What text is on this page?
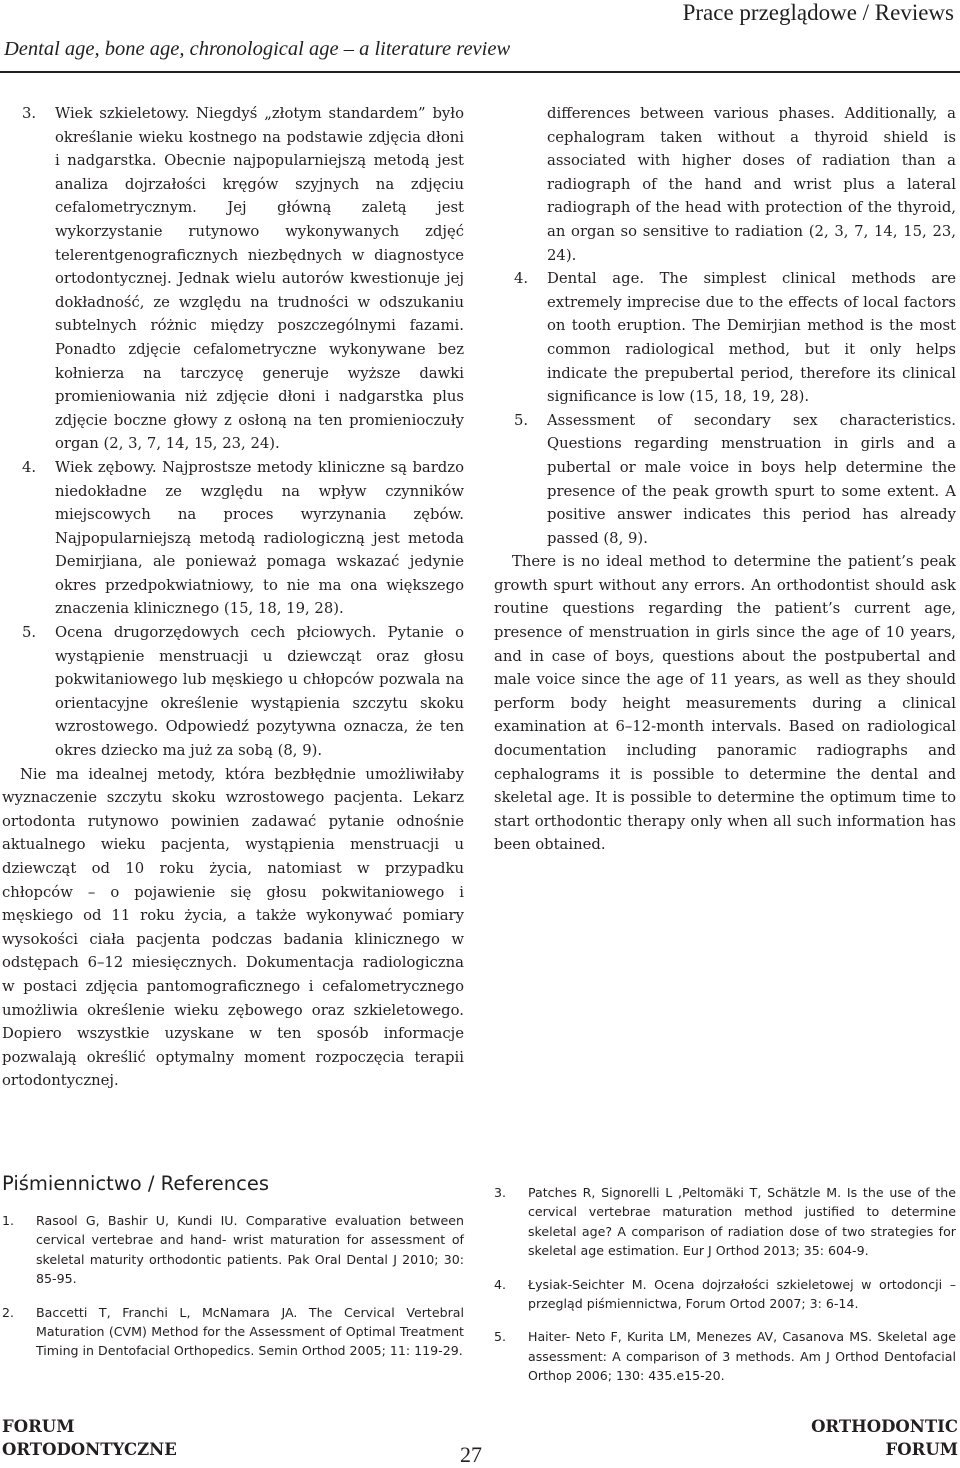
Prace przeglądowe / Reviews
Dental age, bone age, chronological age – a literature review
3. Wiek szkieletowy. Niegdyś „złotym standardem” było określanie wieku kostnego na podstawie zdjęcia dłoni i nadgarstka. Obecnie najpopularniejszą metodą jest analiza dojrzałości kręgów szyjnych na zdjęciu cefalometrycznym. Jej główną zaletą jest wykorzystanie rutynowo wykonywanych zdjęć telerentgenograficznych niezbędnych w diagnostyce ortodontycznej. Jednak wielu autorów kwestionuje jej dokładność, ze względu na trudności w odszukaniu subtelnych różnic między poszczególnymi fazami. Ponadto zdjęcie cefalometryczne wykonywane bez kołnierza na tarczycę generuje wyższe dawki promieniowania niż zdjęcie dłoni i nadgarstka plus zdjęcie boczne głowy z osłoną na ten promienioczuły organ (2, 3, 7, 14, 15, 23, 24).
4. Wiek zębowy. Najprostsze metody kliniczne są bardzo niedokładne ze względu na wpływ czynników miejscowych na proces wyrzynania zębów. Najpopularniejszą metodą radiologiczną jest metoda Demirjiana, ale ponieważ pomaga wskazać jedynie okres przedpokwiatniowy, to nie ma ona większego znaczenia klinicznego (15, 18, 19, 28).
5. Ocena drugorzędowych cech płciowych. Pytanie o wystąpienie menstruacji u dziewcząt oraz głosu pokwitaniowego lub męskiego u chłopców pozwala na orientacyjne określenie wystąpienia szczytu skoku wzrostowego. Odpowiedź pozytywna oznacza, że ten okres dziecko ma już za sobą (8, 9).

Nie ma idealnej metody, która bezbłędnie umożliwiłaby wyznaczenie szczytu skoku wzrostowego pacjenta. Lekarz ortodonta rutynowo powinien zadawać pytanie odnośnie aktualnego wieku pacjenta, wystąpienia menstruacji u dziewcząt od 10 roku życia, natomiast w przypadku chłopców – o pojawienie się głosu pokwitaniowego i męskiego od 11 roku życia, a także wykonywać pomiary wysokości ciała pacjenta podczas badania klinicznego w odstępach 6–12 miesięcznych. Dokumentacja radiologiczna w postaci zdjęcia pantomograficznego i cefalometrycznego umożliwia określenie wieku zębowego oraz szkieletowego. Dopiero wszystkie uzyskane w ten sposób informacje pozwalają określić optymalny moment rozpoczęcia terapii ortodontycznej.

differences between various phases. Additionally, a cephalogram taken without a thyroid shield is associated with higher doses of radiation than a radiograph of the hand and wrist plus a lateral radiograph of the head with protection of the thyroid, an organ so sensitive to radiation (2, 3, 7, 14, 15, 23, 24).
4. Dental age. The simplest clinical methods are extremely imprecise due to the effects of local factors on tooth eruption. The Demirjian method is the most common radiological method, but it only helps indicate the prepubertal period, therefore its clinical significance is low (15, 18, 19, 28).
5. Assessment of secondary sex characteristics. Questions regarding menstruation in girls and a pubertal or male voice in boys help determine the presence of the peak growth spurt to some extent. A positive answer indicates this period has already passed (8, 9).

There is no ideal method to determine the patient’s peak growth spurt without any errors. An orthodontist should ask routine questions regarding the patient’s current age, presence of menstruation in girls since the age of 10 years, and in case of boys, questions about the postpubertal and male voice since the age of 11 years, as well as they should perform body height measurements during a clinical examination at 6–12-month intervals. Based on radiological documentation including panoramic radiographs and cephalograms it is possible to determine the dental and skeletal age. It is possible to determine the optimum time to start orthodontic therapy only when all such information has been obtained.

Piśmiennictwo / References
1. Rasool G, Bashir U, Kundi IU. Comparative evaluation between cervical vertebrae and hand- wrist maturation for assessment of skeletal maturity orthodontic patients. Pak Oral Dental J 2010; 30: 85-95.
2. Baccetti T, Franchi L, McNamara JA. The Cervical Vertebral Maturation (CVM) Method for the Assessment of Optimal Treatment Timing in Dentofacial Orthopedics. Semin Orthod 2005; 11: 119-29.
3. Patches R, Signorelli L ,Peltomäki T, Schätzle M. Is the use of the cervical vertebrae maturation method justified to determine skeletal age? A comparison of radiation dose of two strategies for skeletal age estimation. Eur J Orthod 2013; 35: 604-9.
4. Łysiak-Seichter M. Ocena dojrzałości szkieletowej w ortodoncji – przegląd piśmiennictwa, Forum Ortod 2007; 3: 6-14.
5. Haiter- Neto F, Kurita LM, Menezes AV, Casanova MS. Skeletal age assessment: A comparison of 3 methods. Am J Orthod Dentofacial Orthop 2006; 130: 435.e15-20.
FORUM
ORTODONTYCZNE	27
ORTHODONTIC
FORUM
